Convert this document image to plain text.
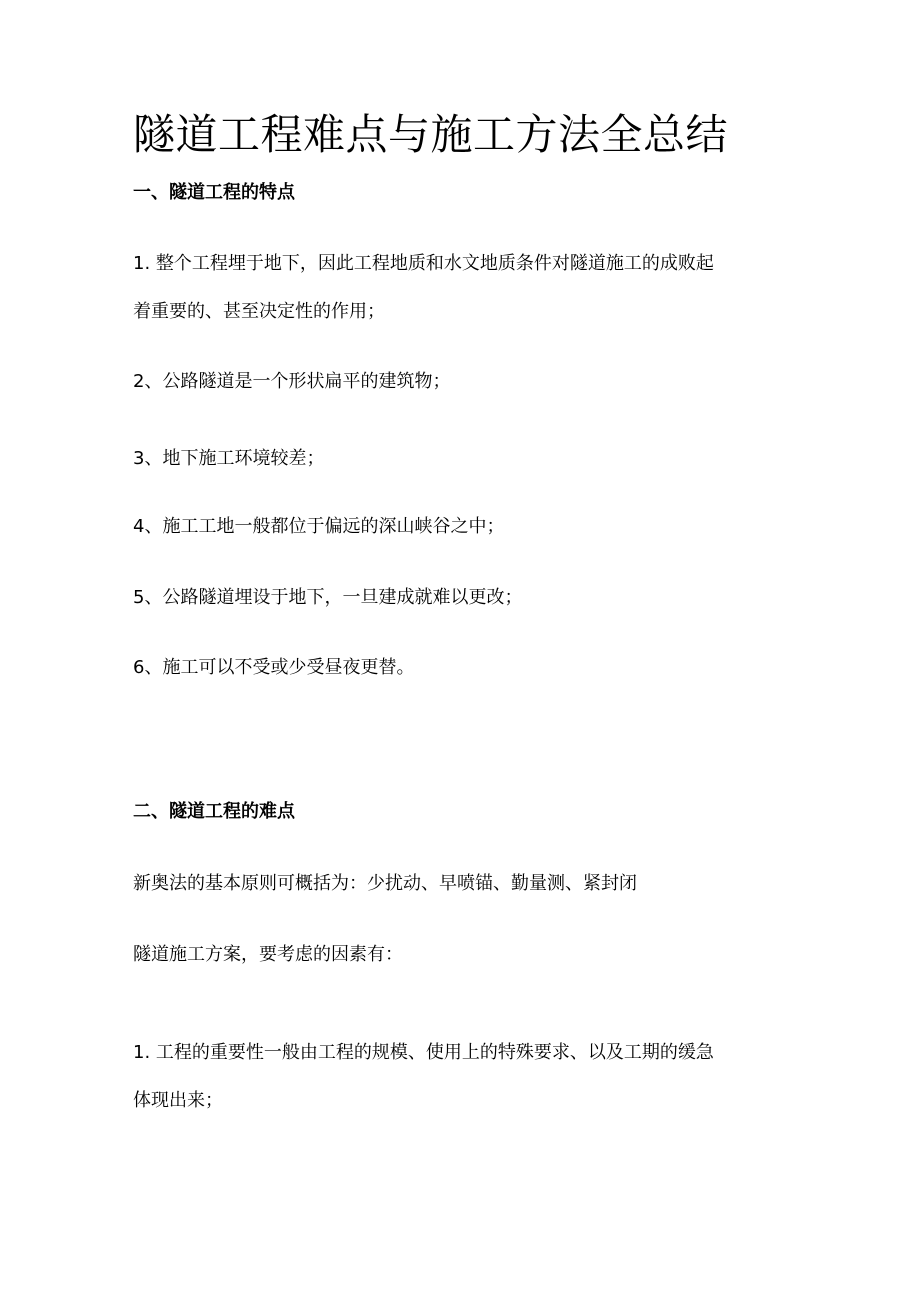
隧道工程难点与施工方法全总结
一、隧道工程的特点

1. 整个工程埋于地下，因此工程地质和水文地质条件对隧道施工的成败起
着重要的、甚至决定性的作用；

2、公路隧道是一个形状扁平的建筑物；

3、地下施工环境较差；

4、施工工地一般都位于偏远的深山峡谷之中；

5、公路隧道埋设于地下，一旦建成就难以更改；

6、施工可以不受或少受昼夜更替。

二、隧道工程的难点

新奥法的基本原则可概括为：少扰动、早喷锚、勤量测、紧封闭

隧道施工方案，要考虑的因素有：

1. 工程的重要性一般由工程的规模、使用上的特殊要求、以及工期的缓急
体现出来；
